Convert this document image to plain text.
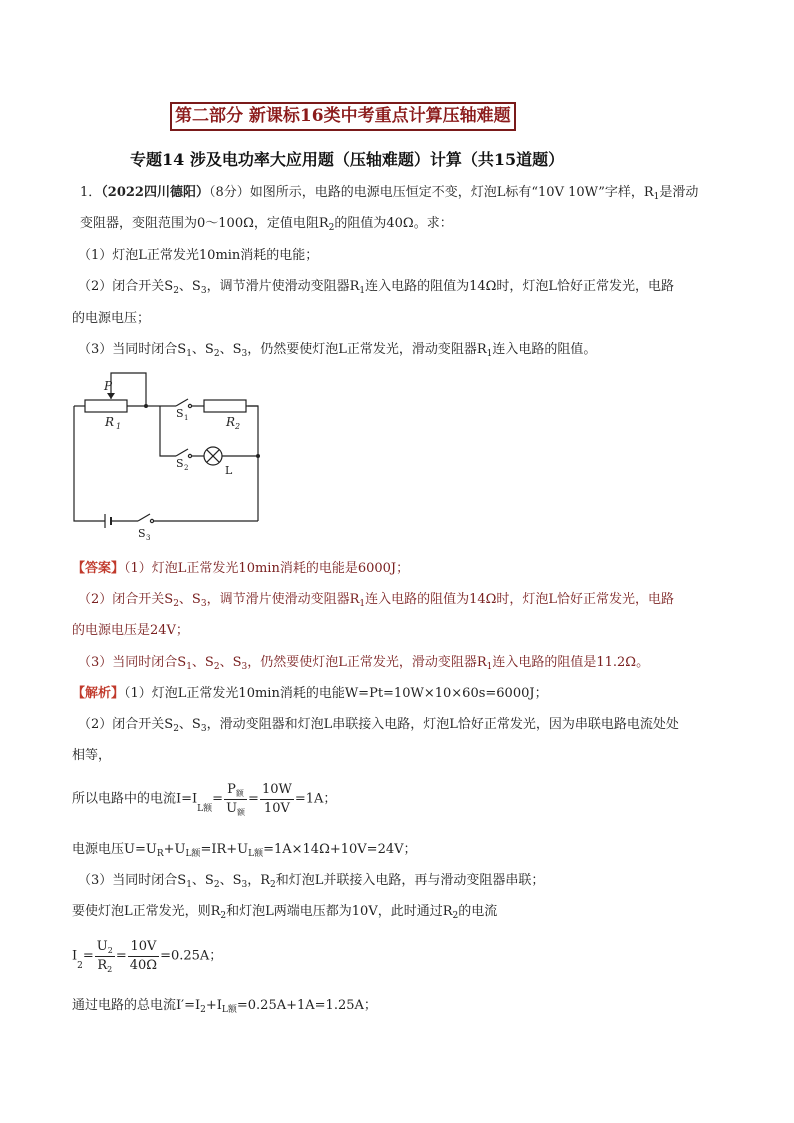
第二部分 新课标16类中考重点计算压轴难题
专题14 涉及电功率大应用题（压轴难题）计算（共15道题）
1．（2022四川德阳）（8分）如图所示，电路的电源电压恒定不变，灯泡L标有“10V 10W”字样，$R_1$是滑动
变阻器，变阻范围为0～100Ω，定值电阻$R_2$的阻值为40Ω。求：
（1）灯泡L正常发光10min消耗的电能；
（2）闭合开关$S_2$、$S_3$，调节滑片使滑动变阻器$R_1$连入电路的阻值为14Ω时，灯泡L恰好正常发光，电路
的电源电压；
（3）当同时闭合$S_1$、$S_2$、$S_3$，仍然要使灯泡L正常发光，滑动变阻器$R_1$连入电路的阻值。
P
R 1	R 2
S 1
S 2	L
S 3
【答案】（1）灯泡L正常发光10min消耗的电能是6000J；
（2）闭合开关$S_2$、$S_3$，调节滑片使滑动变阻器$R_1$连入电路的阻值为14Ω时，灯泡L恰好正常发光，电路
的电源电压是24V；
（3）当同时闭合$S_1$、$S_2$、$S_3$，仍然要使灯泡L正常发光，滑动变阻器$R_1$连入电路的阻值是11.2Ω。
【解析】（1）灯泡L正常发光10min消耗的电能W=Pt=10W×10×60s=6000J；
（2）闭合开关$S_2$、$S_3$，滑动变阻器和灯泡L串联接入电路，灯泡L恰好正常发光，因为串联电路电流处处
相等，
所以电路中的电流$I=I_{L额}= \frac{P_额}{U_额} = \frac{10W}{10V} =1A$；
电源电压$U=U_R+U_{L额}=IR+U_{L额}=1A\times 14\Omega+10V=24V$；
（3）当同时闭合$S_1$、$S_2$、$S_3$，$R_2$和灯泡L并联接入电路，再与滑动变阻器串联；
要使灯泡L正常发光，则$R_2$和灯泡L两端电压都为10V，此时通过$R_2$的电流
$I_2= \frac{U_2}{R_2} = \frac{10V}{40\Omega} =0.25A$；
通过电路的总电流$I'=I_2+I_{L额}=0.25A+1A=1.25A$；
